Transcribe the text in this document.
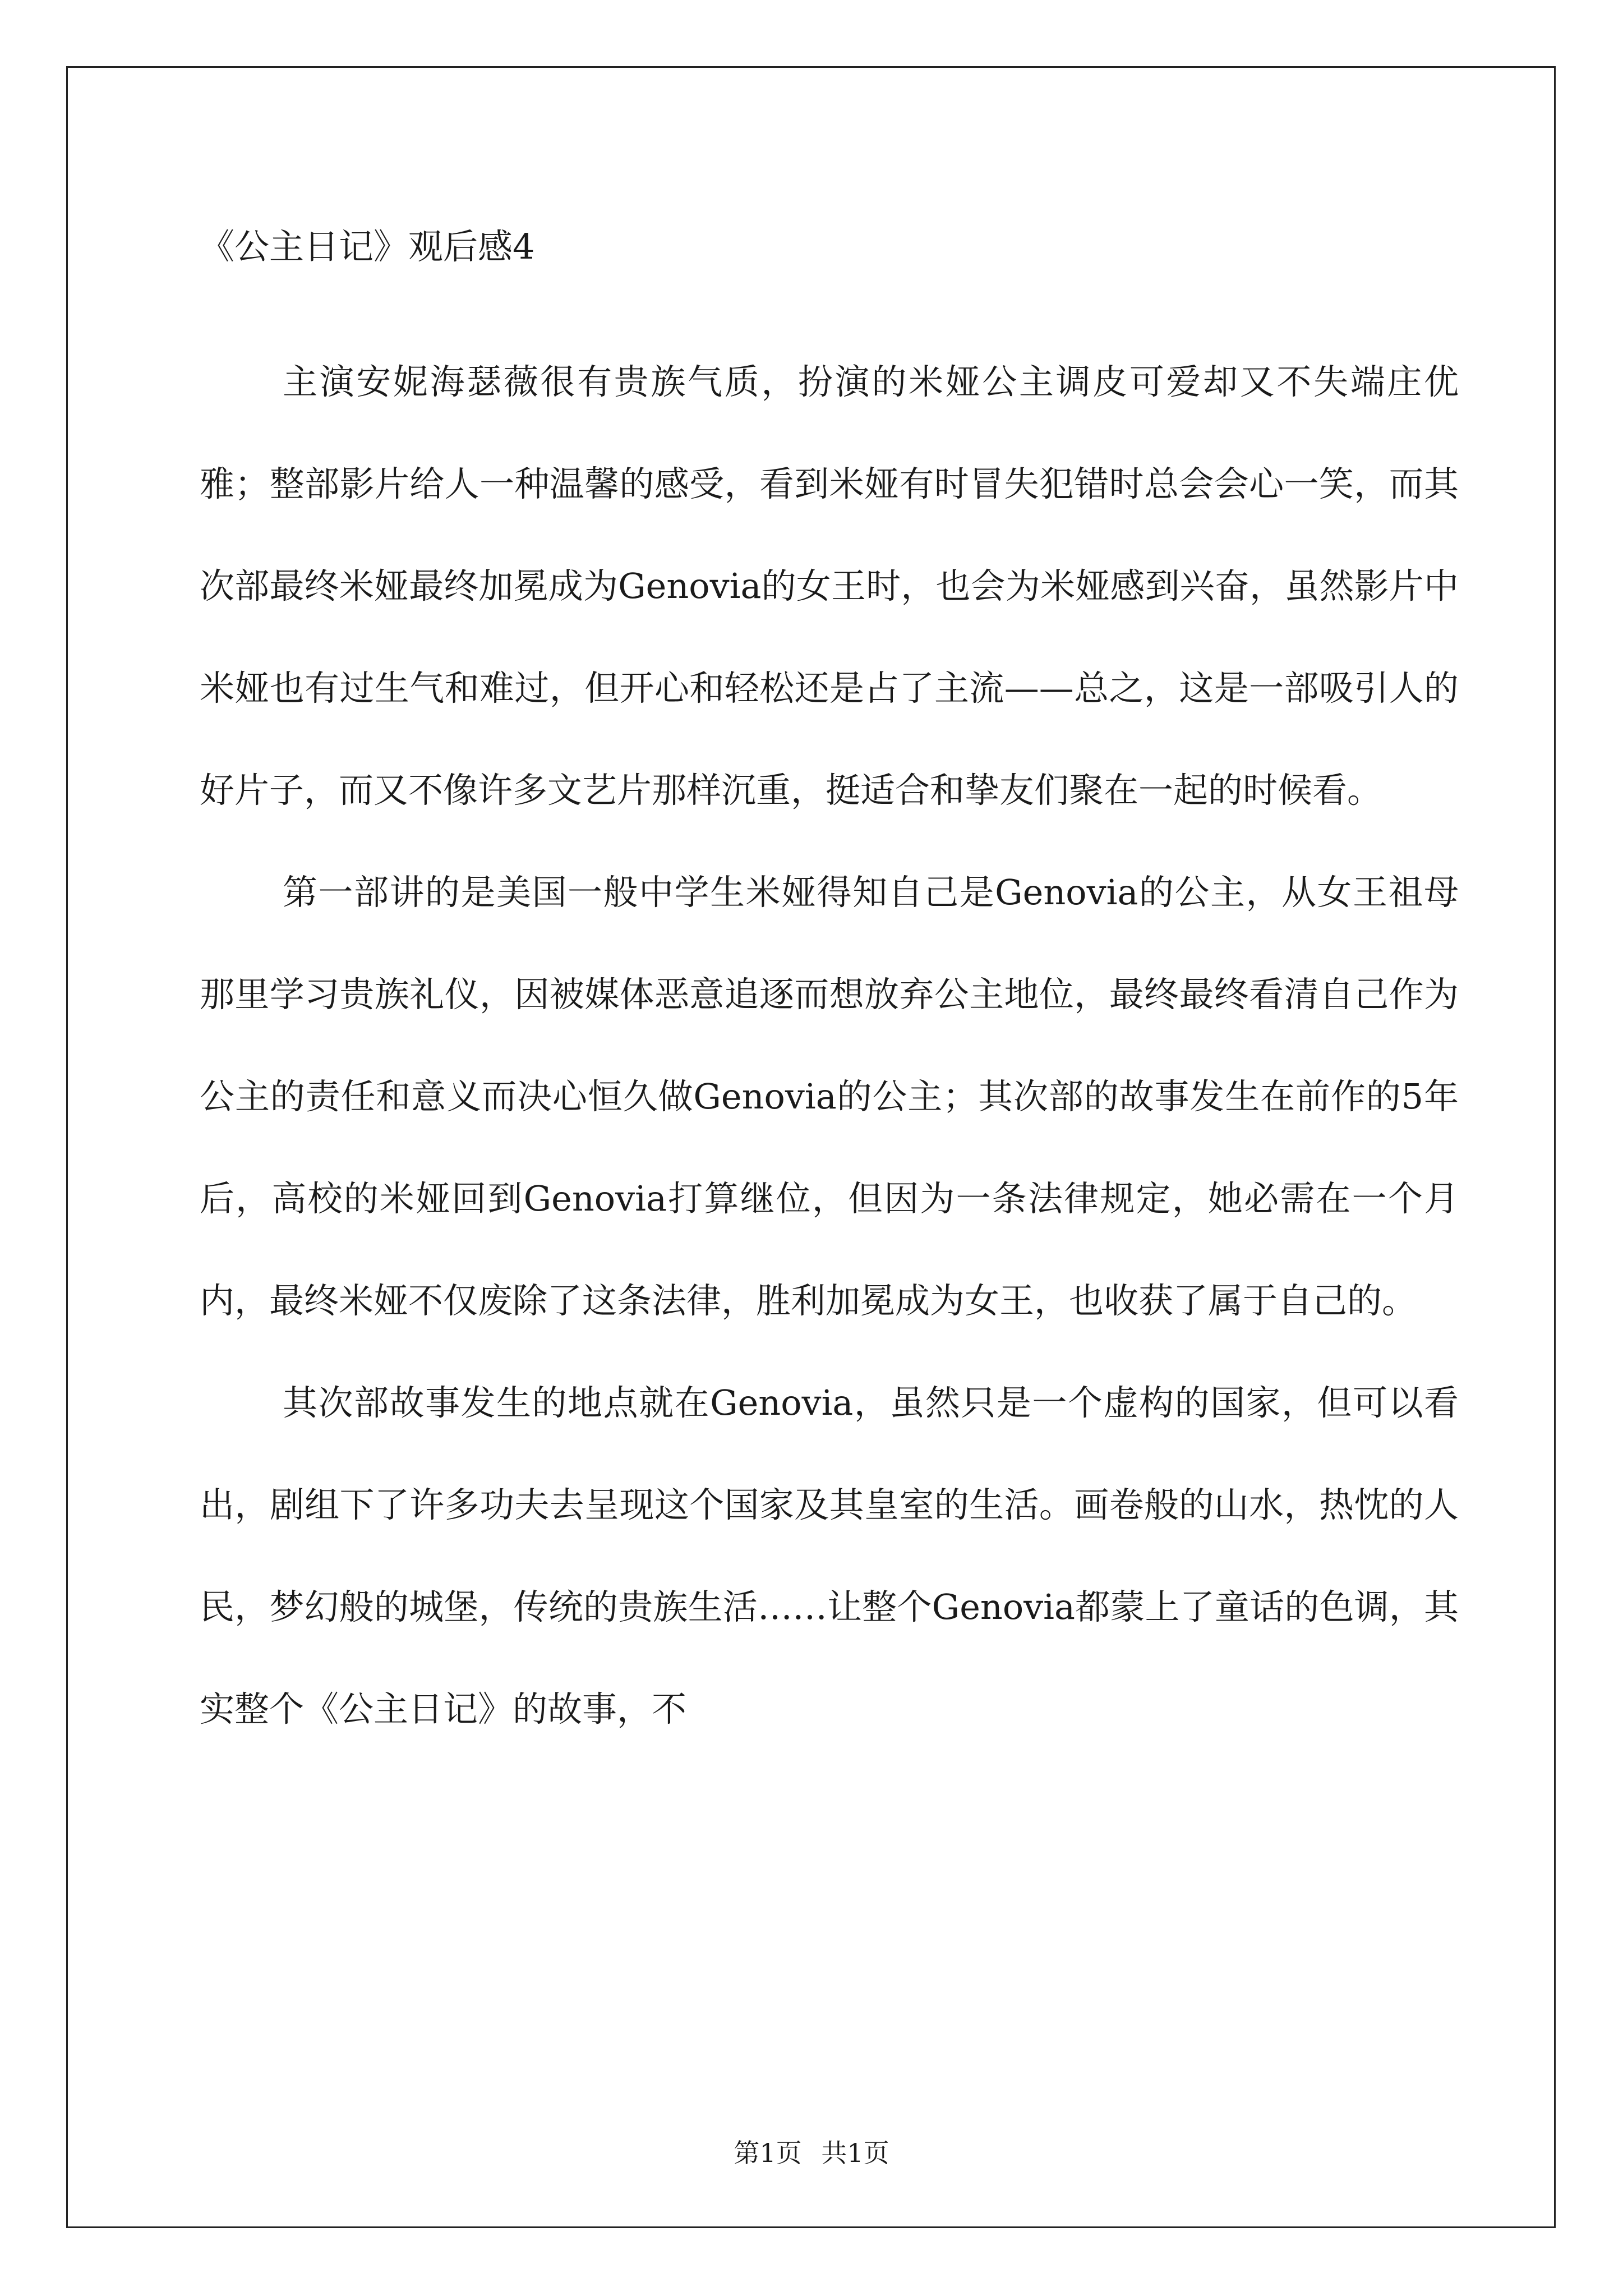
《公主日记》观后感4

主演安妮海瑟薇很有贵族气质，扮演的米娅公主调皮可爱却又不失端庄优雅；整部影片给人一种温馨的感受，看到米娅有时冒失犯错时总会会心一笑，而其次部最终米娅最终加冕成为Genovia的女王时，也会为米娅感到兴奋，虽然影片中米娅也有过生气和难过，但开心和轻松还是占了主流——总之，这是一部吸引人的好片子，而又不像许多文艺片那样沉重，挺适合和挚友们聚在一起的时候看。

第一部讲的是美国一般中学生米娅得知自己是Genovia的公主，从女王祖母那里学习贵族礼仪，因被媒体恶意追逐而想放弃公主地位，最终最终看清自己作为公主的责任和意义而决心恒久做Genovia的公主；其次部的故事发生在前作的5年后，高校的米娅回到Genovia打算继位，但因为一条法律规定，她必需在一个月内，最终米娅不仅废除了这条法律，胜利加冕成为女王，也收获了属于自己的。

其次部故事发生的地点就在Genovia，虽然只是一个虚构的国家，但可以看出，剧组下了许多功夫去呈现这个国家及其皇室的生活。画卷般的山水，热忱的人民，梦幻般的城堡，传统的贵族生活……让整个Genovia都蒙上了童话的色调，其实整个《公主日记》的故事，不

第1页 共1页
